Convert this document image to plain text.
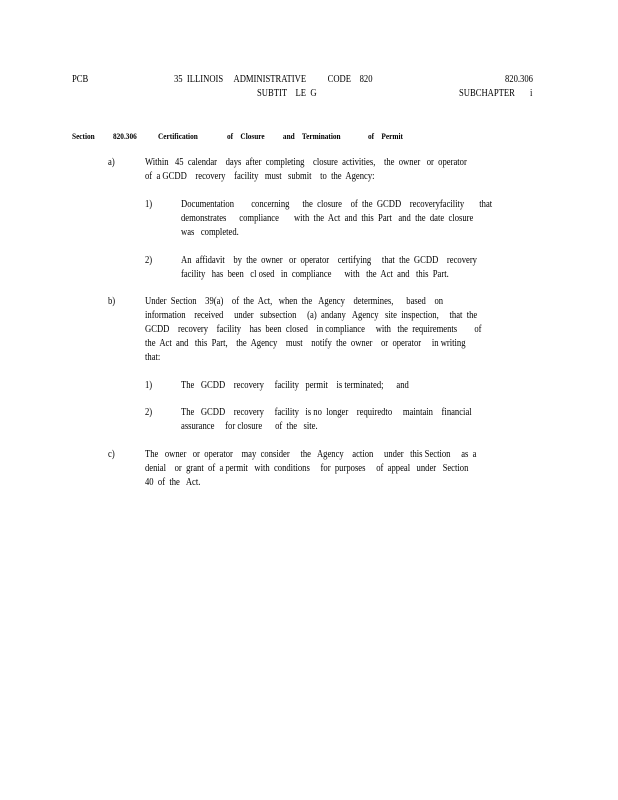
PCB	35  ILLINOIS     ADMINISTRATIVE          CODE    820	820.306
SUBTIT    LE  G	SUBCHAPTER       i
Section 820.306 Certification                of    Closure          and    Termination               of    Permit
a)	Within   45  calendar    days  after  completing    closure  activities,    the  owner   or  operator
of  a GCDD    recovery    facility   must   submit    to  the  Agency:
1)	Documentation        concerning      the  closure    of  the  GCDD    recoveryfacility       that
demonstrates      compliance       with  the  Act  and  this  Part   and  the  date  closure
was   completed.
2)	An  affidavit    by  the  owner   or  operator    certifying     that  the  GCDD    recovery
facility   has  been   cl osed   in  compliance      with   the  Act  and   this  Part.
b)	Under  Section    39(a)    of  the  Act,   when  the   Agency    determines,      based    on
information    received     under   subsection     (a)  andany   Agency   site  inspection,     that  the
GCDD    recovery    facility    has  been  closed    in compliance     with   the  requirements        of
the  Act  and   this  Part,    the  Agency    must    notify  the  owner    or  operator     in writing
that:
1)	The   GCDD    recovery     facility   permit    is terminated;      and
2)	The   GCDD    recovery     facility   is no  longer    requiredto     maintain    financial
assurance     for closure      of  the   site.
c)	The   owner   or  operator    may  consider     the   Agency    action     under   this Section     as  a
denial    or  grant  of  a permit   with  conditions     for  purposes     of  appeal   under   Section
40  of  the   Act.
